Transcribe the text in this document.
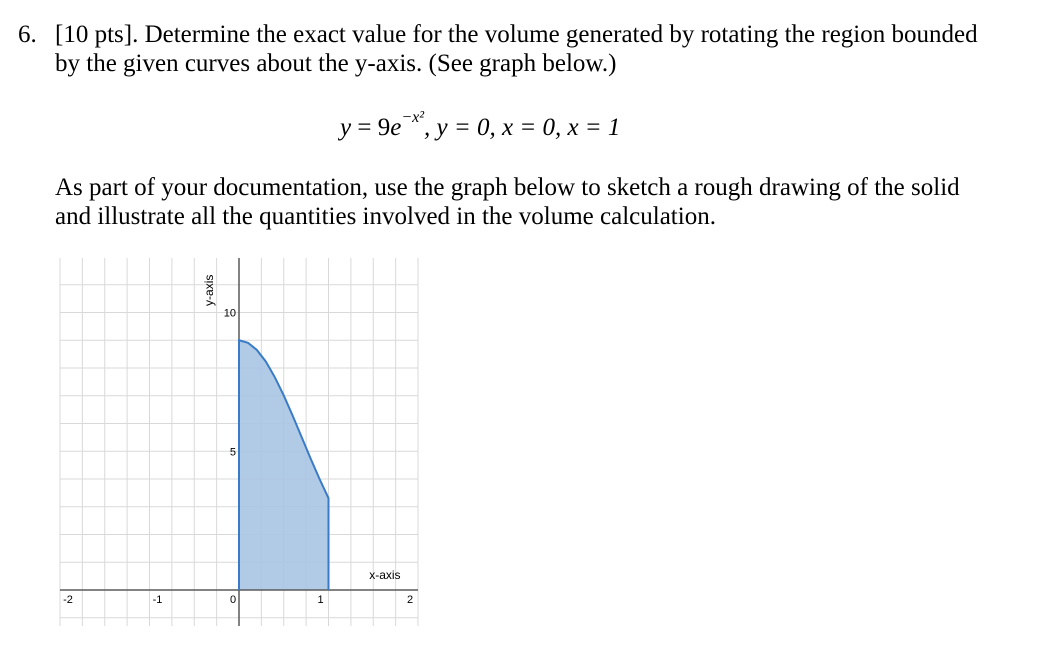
6. [10 pts]. Determine the exact value for the volume generated by rotating the region bounded
by the given curves about the y-axis. (See graph below.)
$y = 9e^{-x^2}$, y = 0, x = 0, x = 1
As part of your documentation, use the graph below to sketch a rough drawing of the solid
and illustrate all the quantities involved in the volume calculation.
-2	-1	0	1	2
5
10
x-axis
y-axis
